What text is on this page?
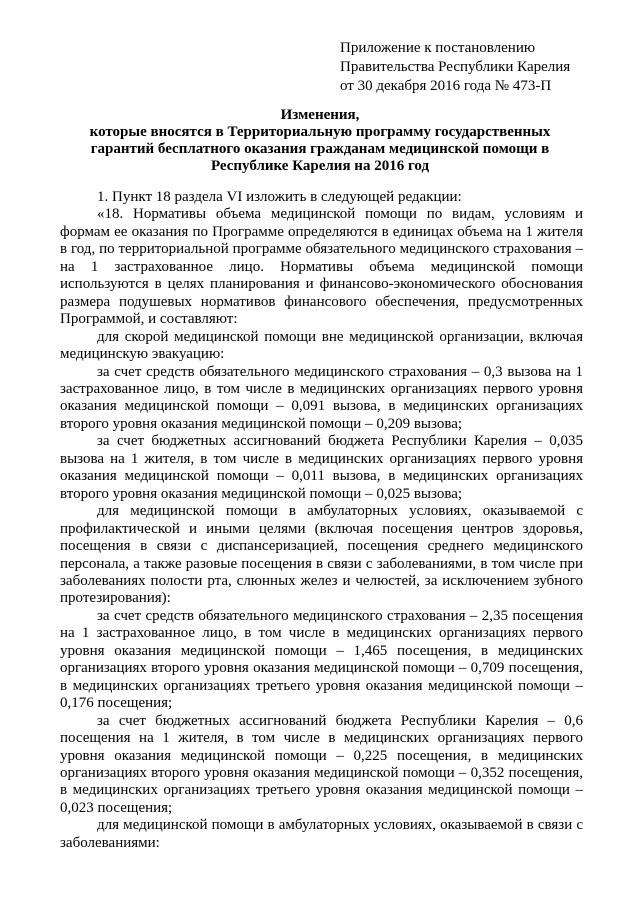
Приложение к постановлению
Правительства Республики Карелия
от 30 декабря 2016 года № 473-П
Изменения,
которые вносятся в Территориальную программу государственных
гарантий бесплатного оказания гражданам медицинской помощи в
Республике Карелия на 2016 год

1. Пункт 18 раздела VI изложить в следующей редакции:

«18. Нормативы объема медицинской помощи по видам, условиям и формам ее оказания по Программе определяются в единицах объема на 1 жителя в год, по территориальной программе обязательного медицинского страхования – на 1 застрахованное лицо. Нормативы объема медицинской помощи используются в целях планирования и финансово-экономического обоснования размера подушевых нормативов финансового обеспечения, предусмотренных Программой, и составляют:

для скорой медицинской помощи вне медицинской организации, включая медицинскую эвакуацию:

за счет средств обязательного медицинского страхования – 0,3 вызова на 1 застрахованное лицо, в том числе в медицинских организациях первого уровня оказания медицинской помощи – 0,091 вызова, в медицинских организациях второго уровня оказания медицинской помощи – 0,209 вызова;

за счет бюджетных ассигнований бюджета Республики Карелия – 0,035 вызова на 1 жителя, в том числе в медицинских организациях первого уровня оказания медицинской помощи – 0,011 вызова, в медицинских организациях второго уровня оказания медицинской помощи – 0,025 вызова;

для медицинской помощи в амбулаторных условиях, оказываемой с профилактической и иными целями (включая посещения центров здоровья, посещения в связи с диспансеризацией, посещения среднего медицинского персонала, а также разовые посещения в связи с заболеваниями, в том числе при заболеваниях полости рта, слюнных желез и челюстей, за исключением зубного протезирования):

за счет средств обязательного медицинского страхования – 2,35 посещения на 1 застрахованное лицо, в том числе в медицинских организациях первого уровня оказания медицинской помощи – 1,465 посещения, в медицинских организациях второго уровня оказания медицинской помощи – 0,709 посещения, в медицинских организациях третьего уровня оказания медицинской помощи – 0,176 посещения;

за счет бюджетных ассигнований бюджета Республики Карелия – 0,6 посещения на 1 жителя, в том числе в медицинских организациях первого уровня оказания медицинской помощи – 0,225 посещения, в медицинских организациях второго уровня оказания медицинской помощи – 0,352 посещения, в медицинских организациях третьего уровня оказания медицинской помощи – 0,023 посещения;

для медицинской помощи в амбулаторных условиях, оказываемой в связи с заболеваниями:
